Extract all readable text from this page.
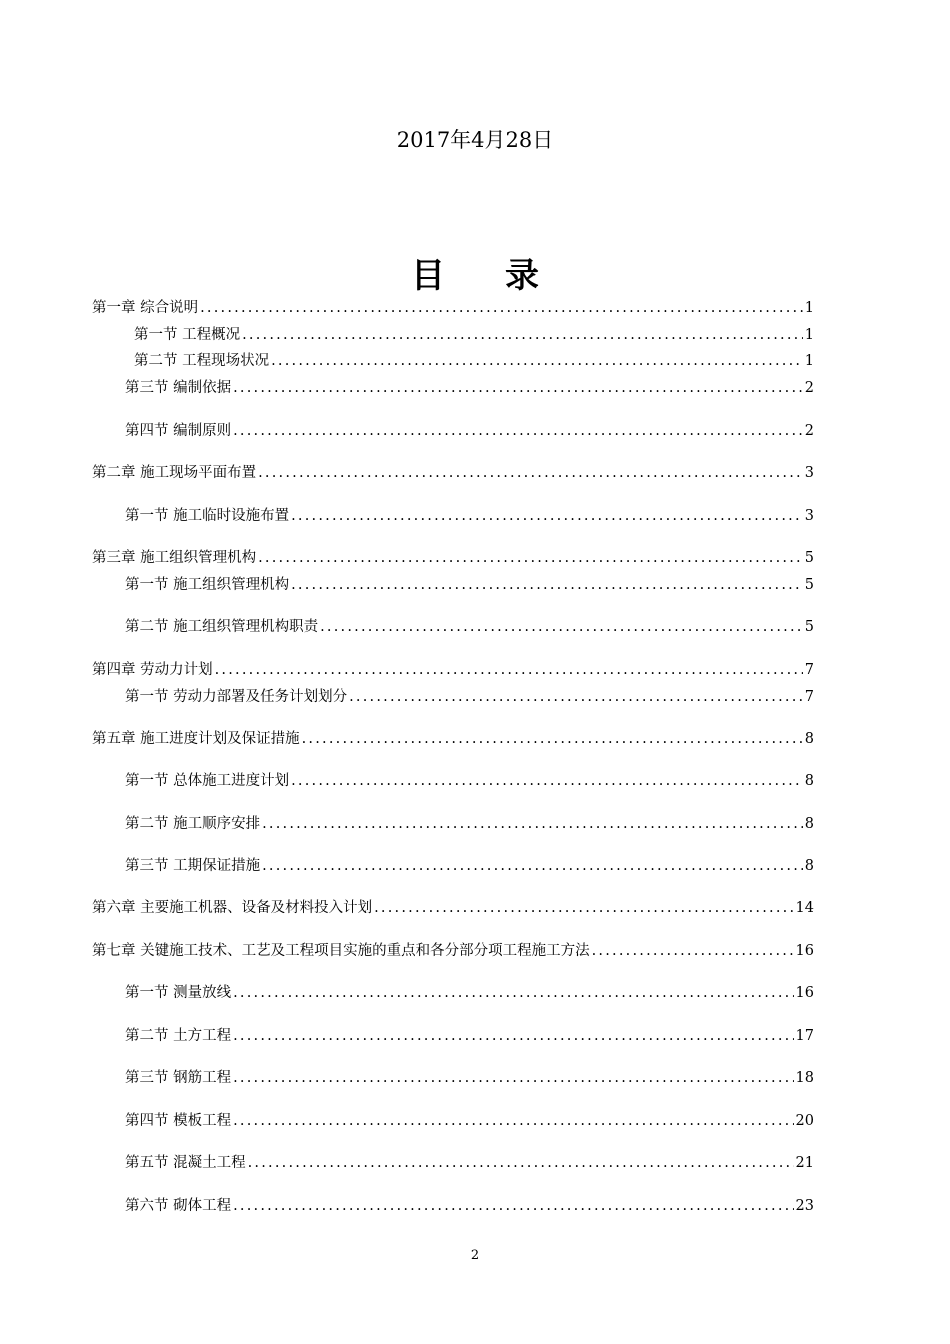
2017年4月28日
目 录
第一章 综合说明 .....	1
第一节 工程概况 .....	1
第二节 工程现场状况 .....	1
第三节 编制依据 .....	2
第四节 编制原则 .....	2
第二章 施工现场平面布置 .....	3
第一节 施工临时设施布置 .....	3
第三章 施工组织管理机构 .....	5
第一节 施工组织管理机构 .....	5
第二节 施工组织管理机构职责 .....	5
第四章 劳动力计划 .....	7
第一节 劳动力部署及任务计划划分 .....	7
第五章 施工进度计划及保证措施 .....	8
第一节 总体施工进度计划 .....	8
第二节 施工顺序安排 .....	8
第三节 工期保证措施 .....	8
第六章 主要施工机器、设备及材料投入计划 .....	14
第七章 关键施工技术、工艺及工程项目实施的重点和各分部分项工程施工方法 .....	16
第一节 测量放线 .....	16
第二节 土方工程 .....	17
第三节 钢筋工程 .....	18
第四节 模板工程 .....	20
第五节 混凝土工程 .....	21
第六节 砌体工程 .....	23
2
